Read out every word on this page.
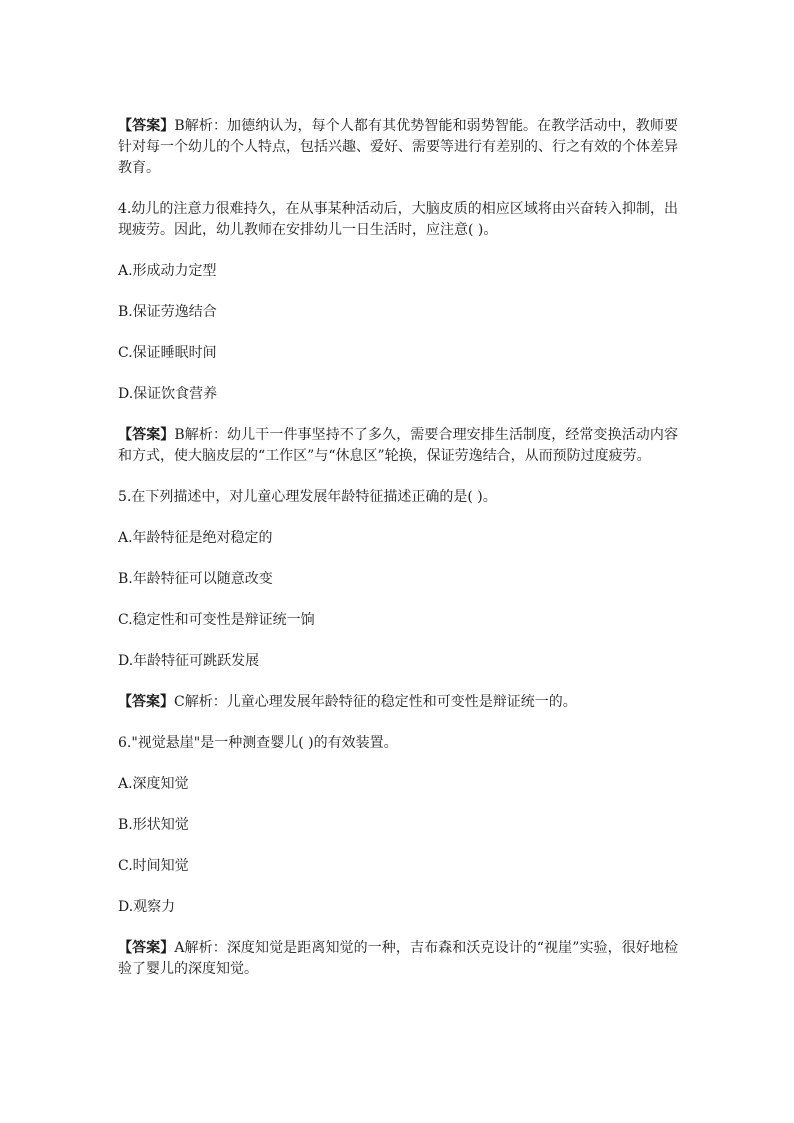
【答案】B解析：加德纳认为，每个人都有其优势智能和弱势智能。在教学活动中，教师要针对每一个幼儿的个人特点，包括兴趣、爱好、需要等进行有差别的、行之有效的个体差异教育。

4.幼儿的注意力很难持久，在从事某种活动后，大脑皮质的相应区域将由兴奋转入抑制，出现疲劳。因此，幼儿教师在安排幼儿一日生活时，应注意( )。

A.形成动力定型

B.保证劳逸结合

C.保证睡眠时间

D.保证饮食营养

【答案】B解析：幼儿干一件事坚持不了多久，需要合理安排生活制度，经常变换活动内容和方式，使大脑皮层的“工作区”与“休息区”轮换，保证劳逸结合，从而预防过度疲劳。

5.在下列描述中，对儿童心理发展年龄特征描述正确的是( )。

A.年龄特征是绝对稳定的

B.年龄特征可以随意改变

C.稳定性和可变性是辩证统一饷

D.年龄特征可跳跃发展

【答案】C解析：儿童心理发展年龄特征的稳定性和可变性是辩证统一的。

6."视觉悬崖"是一种测查婴儿( )的有效装置。

A.深度知觉

B.形状知觉

C.时间知觉

D.观察力

【答案】A解析：深度知觉是距离知觉的一种，吉布森和沃克设计的“视崖”实验，很好地检验了婴儿的深度知觉。
